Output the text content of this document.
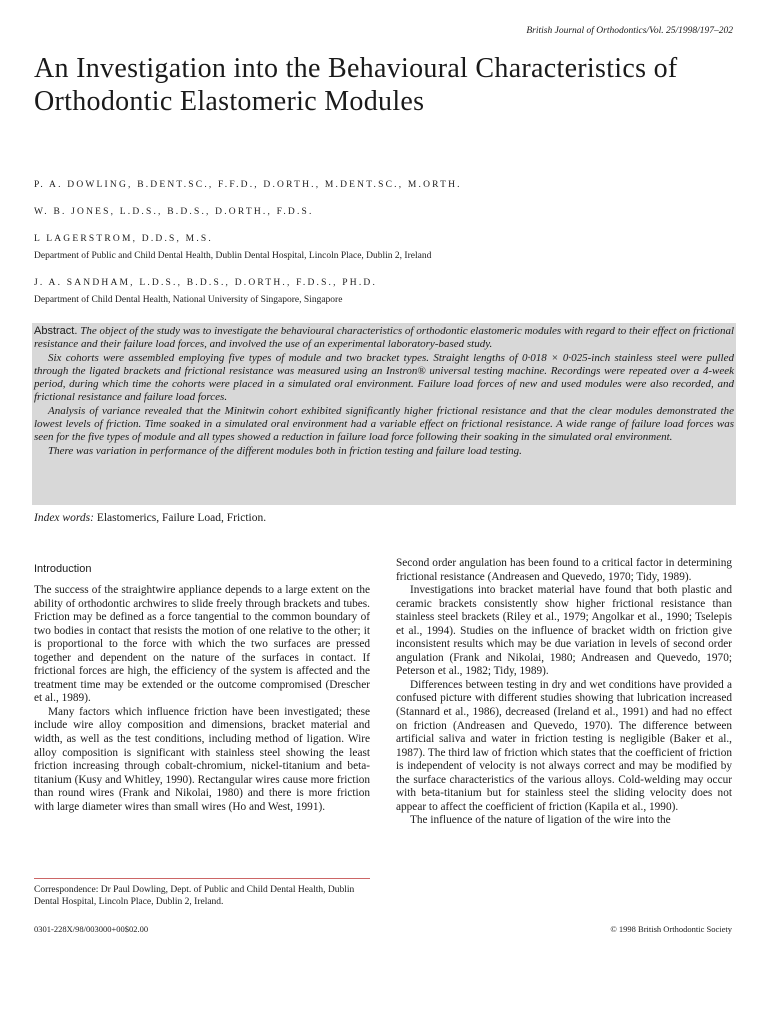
British Journal of Orthodontics/Vol. 25/1998/197–202
An Investigation into the Behavioural Characteristics of Orthodontic Elastomeric Modules
P. A. DOWLING, B.DENT.SC., F.F.D., D.ORTH., M.DENT.SC., M.ORTH.
W. B. JONES, L.D.S., B.D.S., D.ORTH., F.D.S.
L LAGERSTROM, D.D.S, M.S.
Department of Public and Child Dental Health, Dublin Dental Hospital, Lincoln Place, Dublin 2, Ireland
J. A. SANDHAM, L.D.S., B.D.S., D.ORTH., F.D.S., PH.D.
Department of Child Dental Health, National University of Singapore, Singapore

Abstract. The object of the study was to investigate the behavioural characteristics of orthodontic elastomeric modules with regard to their effect on frictional resistance and their failure load forces, and involved the use of an experimental laboratory-based study.

Six cohorts were assembled employing five types of module and two bracket types. Straight lengths of 0·018 × 0·025-inch stainless steel were pulled through the ligated brackets and frictional resistance was measured using an Instron® universal testing machine. Recordings were repeated over a 4-week period, during which time the cohorts were placed in a simulated oral environment. Failure load forces of new and used modules were also recorded, and frictional resistance and failure load forces.

Analysis of variance revealed that the Minitwin cohort exhibited significantly higher frictional resistance and that the clear modules demonstrated the lowest levels of friction. Time soaked in a simulated oral environment had a variable effect on frictional resistance. A wide range of failure load forces was seen for the five types of module and all types showed a reduction in failure load force following their soaking in the simulated oral environment.

There was variation in performance of the different modules both in friction testing and failure load testing.

Index words: Elastomerics, Failure Load, Friction.
Introduction

The success of the straightwire appliance depends to a large extent on the ability of orthodontic archwires to slide freely through brackets and tubes. Friction may be defined as a force tangential to the common boundary of two bodies in contact that resists the motion of one relative to the other; it is proportional to the force with which the two surfaces are pressed together and dependent on the nature of the surfaces in contact. If frictional forces are high, the efficiency of the system is affected and the treatment time may be extended or the outcome compromised (Drescher et al., 1989).

Many factors which influence friction have been investigated; these include wire alloy composition and dimensions, bracket material and width, as well as the test conditions, including method of ligation. Wire alloy composition is significant with stainless steel showing the least friction increasing through cobalt-chromium, nickel-titanium and beta-titanium (Kusy and Whitley, 1990). Rectangular wires cause more friction than round wires (Frank and Nikolai, 1980) and there is more friction with large diameter wires than small wires (Ho and West, 1991).

Second order angulation has been found to a critical factor in determining frictional resistance (Andreasen and Quevedo, 1970; Tidy, 1989).

Investigations into bracket material have found that both plastic and ceramic brackets consistently show higher frictional resistance than stainless steel brackets (Riley et al., 1979; Angolkar et al., 1990; Tselepis et al., 1994). Studies on the influence of bracket width on friction give inconsistent results which may be due variation in levels of second order angulation (Frank and Nikolai, 1980; Andreasen and Quevedo, 1970; Peterson et al., 1982; Tidy, 1989).

Differences between testing in dry and wet conditions have provided a confused picture with different studies showing that lubrication increased (Stannard et al., 1986), decreased (Ireland et al., 1991) and had no effect on friction (Andreasen and Quevedo, 1970). The difference between artificial saliva and water in friction testing is negligible (Baker et al., 1987). The third law of friction which states that the coefficient of friction is independent of velocity is not always correct and may be modified by the surface characteristics of the various alloys. Cold-welding may occur with beta-titanium but for stainless steel the sliding velocity does not appear to affect the coefficient of friction (Kapila et al., 1990).

The influence of the nature of ligation of the wire into the

Correspondence: Dr Paul Dowling, Dept. of Public and Child Dental Health, Dublin Dental Hospital, Lincoln Place, Dublin 2, Ireland.
0301-228X/98/003000+00$02.00	© 1998 British Orthodontic Society
